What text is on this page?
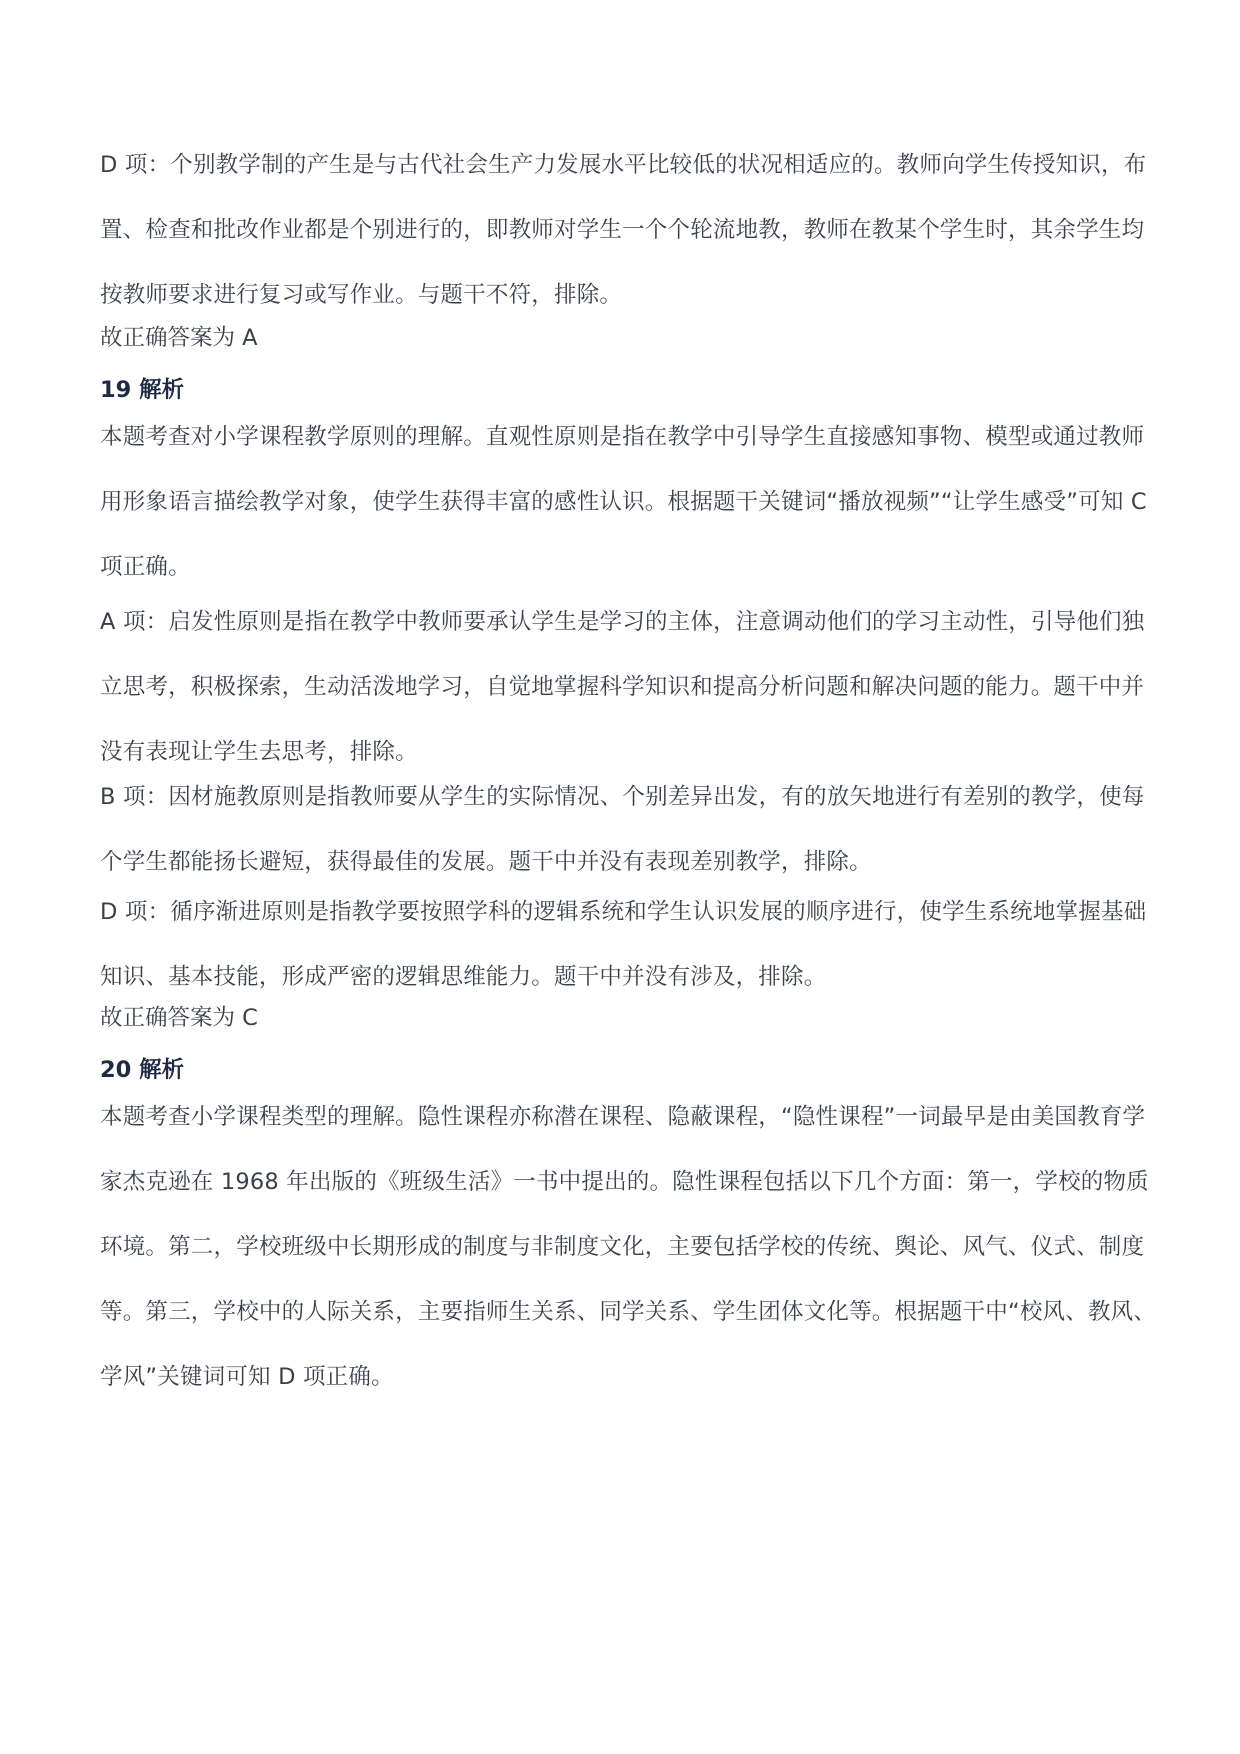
D 项：个别教学制的产生是与古代社会生产力发展水平比较低的状况相适应的。教师向学生传授知识，布置、检查和批改作业都是个别进行的，即教师对学生一个个轮流地教，教师在教某个学生时，其余学生均按教师要求进行复习或写作业。与题干不符，排除。

故正确答案为 A

19 解析

本题考查对小学课程教学原则的理解。直观性原则是指在教学中引导学生直接感知事物、模型或通过教师用形象语言描绘教学对象，使学生获得丰富的感性认识。根据题干关键词“播放视频”“让学生感受”可知 C 项正确。

A 项：启发性原则是指在教学中教师要承认学生是学习的主体，注意调动他们的学习主动性，引导他们独立思考，积极探索，生动活泼地学习，自觉地掌握科学知识和提高分析问题和解决问题的能力。题干中并没有表现让学生去思考，排除。

B 项：因材施教原则是指教师要从学生的实际情况、个别差异出发，有的放矢地进行有差别的教学，使每个学生都能扬长避短，获得最佳的发展。题干中并没有表现差别教学，排除。

D 项：循序渐进原则是指教学要按照学科的逻辑系统和学生认识发展的顺序进行，使学生系统地掌握基础知识、基本技能，形成严密的逻辑思维能力。题干中并没有涉及，排除。

故正确答案为 C

20 解析

本题考查小学课程类型的理解。隐性课程亦称潜在课程、隐蔽课程，“隐性课程”一词最早是由美国教育学家杰克逊在 1968 年出版的《班级生活》一书中提出的。隐性课程包括以下几个方面：第一，学校的物质环境。第二，学校班级中长期形成的制度与非制度文化，主要包括学校的传统、舆论、风气、仪式、制度等。第三，学校中的人际关系，主要指师生关系、同学关系、学生团体文化等。根据题干中“校风、教风、学风”关键词可知 D 项正确。
